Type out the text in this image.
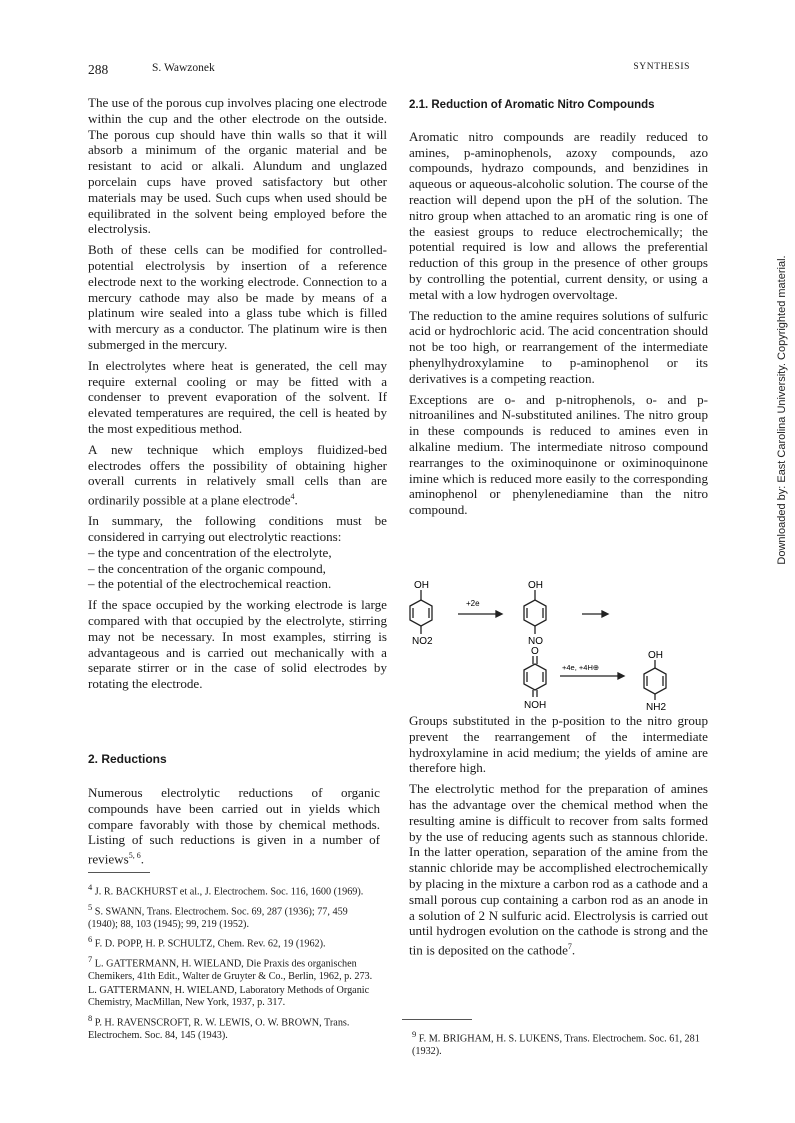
288	S. Wawzonek	SYNTHESIS

The use of the porous cup involves placing one electrode within the cup and the other electrode on the outside. The porous cup should have thin walls so that it will absorb a minimum of the organic material and be resistant to acid or alkali. Alundum and unglazed porcelain cups have proved satisfactory but other materials may be used. Such cups when used should be equilibrated in the solvent being employed before the electrolysis.

Both of these cells can be modified for controlled-potential electrolysis by insertion of a reference electrode next to the working electrode. Connection to a mercury cathode may also be made by means of a platinum wire sealed into a glass tube which is filled with mercury as a conductor. The platinum wire is then submerged in the mercury.

In electrolytes where heat is generated, the cell may require external cooling or may be fitted with a condenser to prevent evaporation of the solvent. If elevated temperatures are required, the cell is heated by the most expeditious method.

A new technique which employs fluidized-bed electrodes offers the possibility of obtaining higher overall currents in relatively small cells than are ordinarily possible at a plane electrode$^4$.

In summary, the following conditions must be considered in carrying out electrolytic reactions:

– the type and concentration of the electrolyte,
– the concentration of the organic compound,
– the potential of the electrochemical reaction.

If the space occupied by the working electrode is large compared with that occupied by the electrolyte, stirring may not be necessary. In most examples, stirring is advantageous and is carried out mechanically with a separate stirrer or in the case of solid electrodes by rotating the electrode.

2. Reductions
Numerous electrolytic reductions of organic compounds have been carried out in yields which compare favorably with those by chemical methods. Listing of such reductions is given in a number of reviews$^{5, 6}$.

$^4$ J. R. BACKHURST et al., J. Electrochem. Soc. 116, 1600 (1969).

$^5$ S. SWANN, Trans. Electrochem. Soc. 69, 287 (1936); 77, 459 (1940); 88, 103 (1945); 99, 219 (1952).

$^6$ F. D. POPP, H. P. SCHULTZ, Chem. Rev. 62, 19 (1962).

$^7$ L. GATTERMANN, H. WIELAND, Die Praxis des organischen Chemikers, 41th Edit., Walter de Gruyter & Co., Berlin, 1962, p. 273.

L. GATTERMANN, H. WIELAND, Laboratory Methods of Organic Chemistry, MacMillan, New York, 1937, p. 317.

$^8$ P. H. RAVENSCROFT, R. W. LEWIS, O. W. BROWN, Trans. Electrochem. Soc. 84, 145 (1943).

2.1. Reduction of Aromatic Nitro Compounds

Aromatic nitro compounds are readily reduced to amines, p-aminophenols, azoxy compounds, azo compounds, hydrazo compounds, and benzidines in aqueous or aqueous-alcoholic solution. The course of the reaction will depend upon the pH of the solution. The nitro group when attached to an aromatic ring is one of the easiest groups to reduce electrochemically; the potential required is low and allows the preferential reduction of this group in the presence of other groups by controlling the potential, current density, or using a metal with a low hydrogen overvoltage.

The reduction to the amine requires solutions of sulfuric acid or hydrochloric acid. The acid concentration should not be too high, or rearrangement of the intermediate phenylhydroxylamine to p-aminophenol or its derivatives is a competing reaction.

Exceptions are o- and p-nitrophenols, o- and p-nitroanilines and N-substituted anilines. The nitro group in these compounds is reduced to amines even in alkaline medium. The intermediate nitroso compound rearranges to the oximinoquinone or oximinoquinone imine which is reduced more easily to the corresponding aminophenol or phenylenediamine than the nitro compound.

OH
NO2
+2e
OH
NO
O
NOH
+4e, +4H⊕
OH
NH2

Groups substituted in the p-position to the nitro group prevent the rearrangement of the intermediate hydroxylamine in acid medium; the yields of amine are therefore high.

The electrolytic method for the preparation of amines has the advantage over the chemical method when the resulting amine is difficult to recover from salts formed by the use of reducing agents such as stannous chloride. In the latter operation, separation of the amine from the stannic chloride may be accomplished electrochemically by placing in the mixture a carbon rod as a cathode and a small porous cup containing a carbon rod as an anode in a solution of 2 N sulfuric acid. Electrolysis is carried out until hydrogen evolution on the cathode is strong and the tin is deposited on the cathode$^7$.

$^9$ F. M. BRIGHAM, H. S. LUKENS, Trans. Electrochem. Soc. 61, 281 (1932).
Downloaded by: East Carolina University. Copyrighted material.
